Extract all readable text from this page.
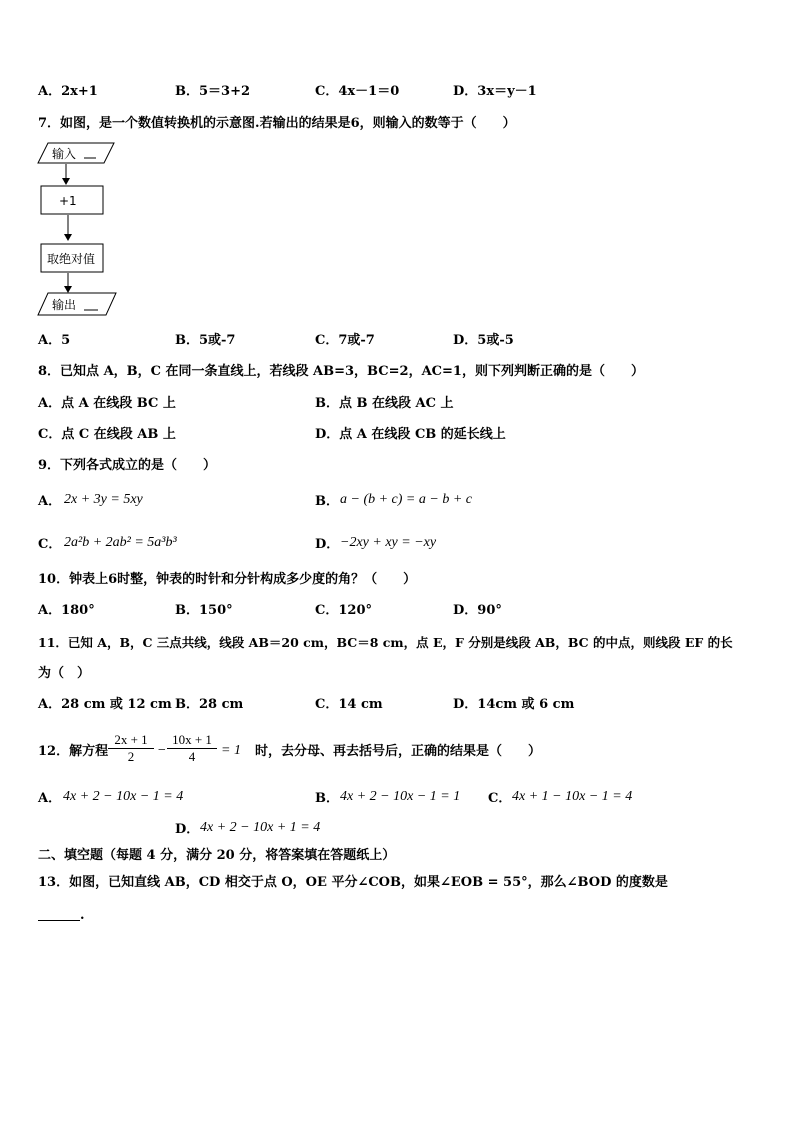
A．2x+1	B．5＝3+2	C．4x－1＝0	D．3x＝y－1
7．如图，是一个数值转换机的示意图.若输出的结果是6，则输入的数等于（　　）
输入
+1
取绝对值
输出
A．5	B．5或-7	C．7或-7	D．5或-5
8．已知点 A，B，C 在同一条直线上，若线段 AB=3，BC=2，AC=1，则下列判断正确的是（　　）
A．点 A 在线段 BC 上	B．点 B 在线段 AC 上
C．点 C 在线段 AB 上	D．点 A 在线段 CB 的延长线上
9．下列各式成立的是（　　）
A． 2x + 3y = 5xy	B． a − (b + c) = a − b + c
C． 2a²b + 2ab² = 5a³b³	D． −2xy + xy = −xy
10．钟表上6时整，钟表的时针和分针构成多少度的角？（　　）
A．180°	B．150°	C．120°	D．90°
11．已知 A，B，C 三点共线，线段 AB＝20 cm，BC＝8 cm，点 E，F 分别是线段 AB，BC 的中点，则线段 EF 的长
为（　）
A．28 cm 或 12 cm B．28 cm	C．14 cm	D．14cm 或 6 cm
12．解方程 $\frac{2x + 1}{2} - \frac{10x + 1}{4} = 1$ 时，去分母、再去括号后，正确的结果是（　　）
A． 4x + 2 − 10x − 1 = 4	B． 4x + 2 − 10x − 1 = 1 C． 4x + 1 − 10x − 1 = 4
D． 4x + 2 − 10x + 1 = 4
二、填空题（每题 4 分，满分 20 分，将答案填在答题纸上）
13．如图，已知直线 AB，CD 相交于点 O，OE 平分∠COB，如果∠EOB = 55°，那么∠BOD 的度数是
.
